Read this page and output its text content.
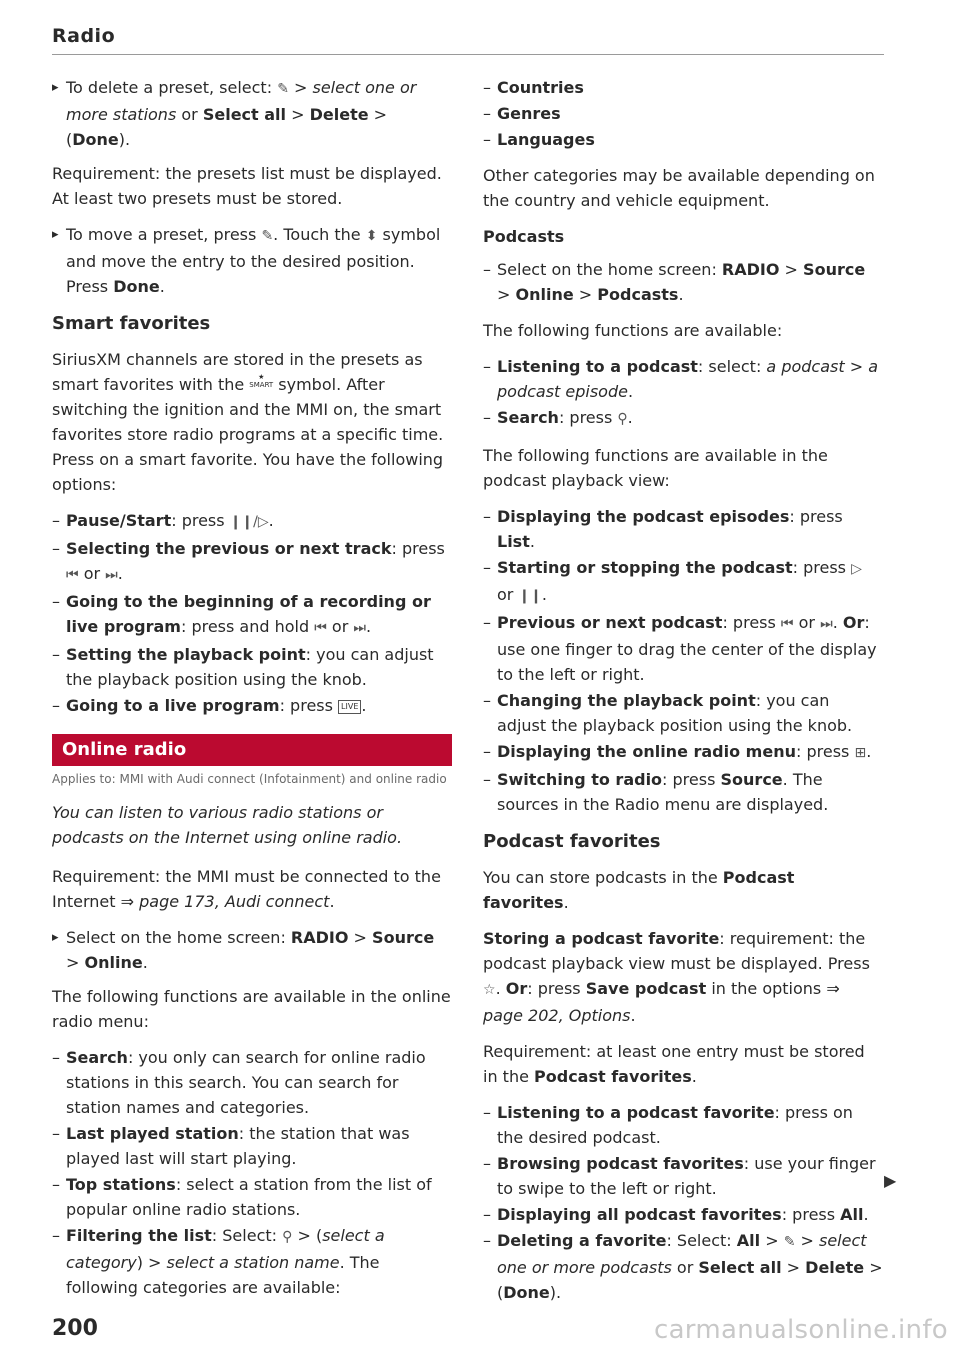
Radio
▸ To delete a preset, select: ✎ > select one or more stations or Select all > Delete > (Done).

Requirement: the presets list must be displayed. At least two presets must be stored.

▸ To move a preset, press ✎. Touch the ⬍ symbol and move the entry to the desired position. Press Done.
Smart favorites

SiriusXM channels are stored in the presets as smart favorites with the ★
SMART symbol. After switching the ignition and the MMI on, the smart favorites store radio programs at a specific time. Press on a smart favorite. You have the following options:

– Pause/Start: press ❙❙/▷.
– Selecting the previous or next track: press ⏮ or ⏭.
– Going to the beginning of a recording or live program: press and hold ⏮ or ⏭.
– Setting the playback point: you can adjust the playback position using the knob.
– Going to a live program: press LIVE .
Online radio
Applies to: MMI with Audi connect (Infotainment) and online radio

You can listen to various radio stations or podcasts on the Internet using online radio.

Requirement: the MMI must be connected to the Internet ⇒ page 173, Audi connect.

▸ Select on the home screen: RADIO > Source > Online.

The following functions are available in the online radio menu:

– Search: you only can search for online radio stations in this search. You can search for station names and categories.
– Last played station: the station that was played last will start playing.
– Top stations: select a station from the list of popular online radio stations.
– Filtering the list: Select: ⚲ > (select a category) > select a station name. The following categories are available:
– Countries
– Genres
– Languages

Other categories may be available depending on the country and vehicle equipment.

Podcasts
– Select on the home screen: RADIO > Source > Online > Podcasts.

The following functions are available:

– Listening to a podcast: select: a podcast > a podcast episode.
– Search: press ⚲.

The following functions are available in the podcast playback view:

– Displaying the podcast episodes: press List.
– Starting or stopping the podcast: press ▷ or ❙❙.
– Previous or next podcast: press ⏮ or ⏭. Or: use one finger to drag the center of the display to the left or right.
– Changing the playback point: you can adjust the playback position using the knob.
– Displaying the online radio menu: press ⊞.
– Switching to radio: press Source. The sources in the Radio menu are displayed.
Podcast favorites

You can store podcasts in the Podcast favorites.

Storing a podcast favorite: requirement: the podcast playback view must be displayed. Press ☆. Or: press Save podcast in the options ⇒ page 202, Options.

Requirement: at least one entry must be stored in the Podcast favorites.

– Listening to a podcast favorite: press on the desired podcast.
– Browsing podcast favorites: use your finger to swipe to the left or right.
– Displaying all podcast favorites: press All.
– Deleting a favorite: Select: All > ✎ > select one or more podcasts or Select all > Delete > (Done).
▶
200	carmanualsonline.info
